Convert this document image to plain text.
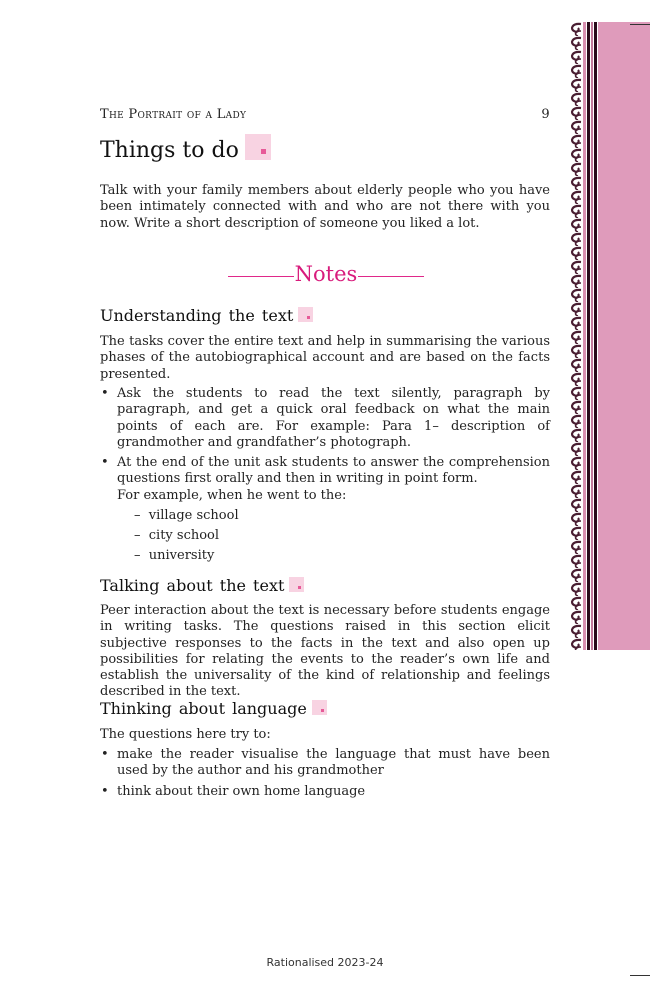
The Portrait of a Lady	9
Things to do

Talk with your family members about elderly people who you have been intimately connected with and who are not there with you now. Write a short description of someone you liked a lot.

Notes
Understanding the text

The tasks cover the entire text and help in summarising the various phases of the autobiographical account and are based on the facts presented.

• Ask the students to read the text silently, paragraph by paragraph, and get a quick oral feedback on what the main points of each are. For example: Para 1– description of grandmother and grandfather’s photograph.
• At the end of the unit ask students to answer the comprehension questions first orally and then in writing in point form.
For example, when he went to the:
–  village school
–  city school
–  university
Talking about the text

Peer interaction about the text is necessary before students engage in writing tasks. The questions raised in this section elicit subjective responses to the facts in the text and also open up possibilities for relating the events to the reader’s own life and establish the universality of the kind of relationship and feelings described in the text.

Thinking about language

The questions here try to:

• make the reader visualise the language that must have been used by the author and his grandmother
• think about their own home language
Rationalised 2023-24
